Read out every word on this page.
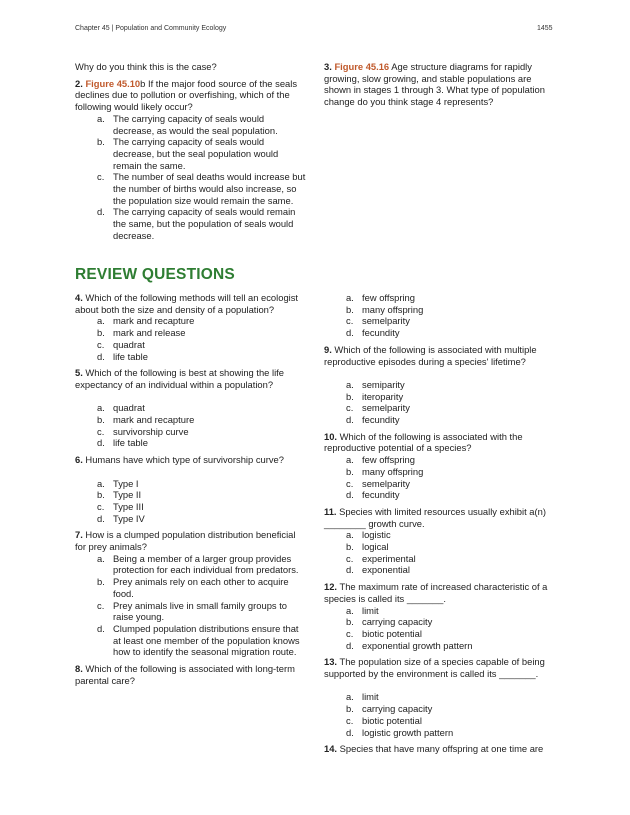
Chapter 45 | Population and Community Ecology	1455

Why do you think this is the case?

2. Figure 45.10b If the major food source of the seals declines due to pollution or overfishing, which of the following would likely occur?

a. The carrying capacity of seals would decrease, as would the seal population.
b. The carrying capacity of seals would decrease, but the seal population would remain the same.
c. The number of seal deaths would increase but the number of births would also increase, so the population size would remain the same.
d. The carrying capacity of seals would remain the same, but the population of seals would decrease.

3. Figure 45.16 Age structure diagrams for rapidly growing, slow growing, and stable populations are shown in stages 1 through 3. What type of population change do you think stage 4 represents?

REVIEW QUESTIONS

4. Which of the following methods will tell an ecologist about both the size and density of a population?

a. mark and recapture
b. mark and release
c. quadrat
d. life table

5. Which of the following is best at showing the life expectancy of an individual within a population?

a. quadrat
b. mark and recapture
c. survivorship curve
d. life table

6. Humans have which type of survivorship curve?

a. Type I
b. Type II
c. Type III
d. Type IV

7. How is a clumped population distribution beneficial for prey animals?

a. Being a member of a larger group provides protection for each individual from predators.
b. Prey animals rely on each other to acquire food.
c. Prey animals live in small family groups to raise young.
d. Clumped population distributions ensure that at least one member of the population knows how to identify the seasonal migration route.

8. Which of the following is associated with long-term parental care?

a. few offspring
b. many offspring
c. semelparity
d. fecundity

9. Which of the following is associated with multiple reproductive episodes during a species' lifetime?

a. semiparity
b. iteroparity
c. semelparity
d. fecundity

10. Which of the following is associated with the reproductive potential of a species?

a. few offspring
b. many offspring
c. semelparity
d. fecundity

11. Species with limited resources usually exhibit a(n) ________ growth curve.

a. logistic
b. logical
c. experimental
d. exponential

12. The maximum rate of increased characteristic of a species is called its _______.

a. limit
b. carrying capacity
c. biotic potential
d. exponential growth pattern

13. The population size of a species capable of being supported by the environment is called its _______.

a. limit
b. carrying capacity
c. biotic potential
d. logistic growth pattern

14. Species that have many offspring at one time are
